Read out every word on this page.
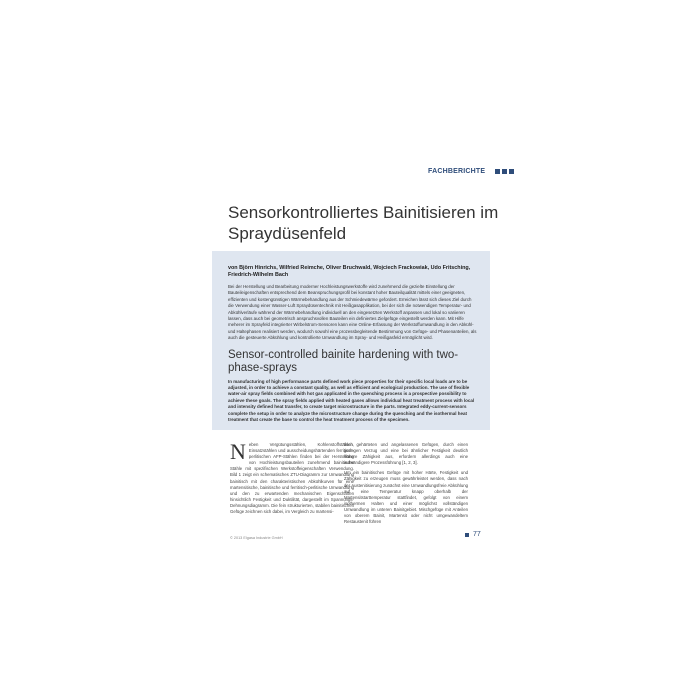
FACHBERICHTE
Sensorkontrolliertes Bainitisieren im Spraydüsenfeld

von Björn Hinrichs, Wilfried Reimche, Oliver Bruchwald, Wojciech Frackowiak, Udo Fritsching, Friedrich-Wilhelm Bach

Bei der Herstellung und Bearbeitung moderner Hochleistungswerkstoffe wird zunehmend die gezielte Einstellung der Bauteileigenschaften entsprechend dem Beanspruchungsprofil bei konstant hoher Bauteilqualität mittels einer geeigneten, effizienten und kostengünstigen Wärmebehandlung aus der Schmiedewärme gefordert. Erreichen lässt sich dieses Ziel durch die Verwendung einer Wasser-Luft Spraydüsentechnik mit Heißgasapplikation, bei der sich die notwendigen Temperatur- und Abkühlverläufe während der Wärmebehandlung individuell an den eingesetzten Werkstoff anpassen und lokal so variieren lassen, dass auch bei geometrisch anspruchsvollen Bauteilen ein definiertes Zielgefüge eingestellt werden kann. Mit Hilfe meherer im Sprayfeld integrierter Wirbelstrom-Sensoren kann eine Online-Erfassung der Werkstoffumwandlung in den Abkühl- und Haltephasen realisiert werden, wodurch sowohl eine prozessbegleitende Bestimmung von Gefüge- und Phasenanteilen, als auch die gesteuerte Abkühlung und kontrollierte Umwandlung im Spray- und Heißgasfeld ermöglicht wird.

Sensor-controlled bainite hardening with two-phase-sprays

In manufacturing of high performance parts defined work piece properties for their specific local loads are to be adjusted, in order to achieve a constant quality, as well as efficient and ecological production. The use of flexible water-air spray fields combined with hot gas applicated in the quenching process is a prospective possibility to achieve these goals. The spray fields applied with heated gases allows individual heat treatment process with local and intensity defined heat transfer, to create target microstructure in the parts. Integrated eddy-current-sensors complete the setup in order to analyze the microstructure change during the quenching and the isothermal heat treatment that create the base to control the heat treatment process of the specimen.

Neben Vergütungsstählen, Kohlenstoffstählen, Einsatzstählen und ausscheidungshärtenden ferritisch-perlitischen AFP-Stählen finden bei der Herstellung von Hochleistungsbauteilen zunehmend bainitische Stähle mit spezifischen Werkstoffeigenschaften Verwendung. Bild 1 zeigt ein schematisches ZTU-Diagramm zur Umwandlung bainitisch mit den charakteristischen Abkühlkurven für eine martensitische, bainitische und ferritisch-perlitische Umwandlung und den zu erwartenden mechanischen Eigenschaften hinsichtlich Festigkeit und Duktilität, dargestellt im Spannungs-Dehnungsdiagramm. Die fein strukturierten, stabilen bainitischen Gefüge zeichnen sich dabei, im Vergleich zu martensi-

tisch gehärteten und angelassenen Gefügen, durch einen geringen Verzug und eine bei ähnlicher Festigkeit deutlich höhere Zähigkeit aus, erfordern allerdings auch eine aufwändigere Prozessführung [1, 2, 3].

Um ein bainitisches Gefüge mit hoher Härte, Festigkeit und Zähigkeit zu erzeugen muss gewährleistet werden, dass nach der Austenitisierung zunächst eine Umwandlungsfreie Abkühlung auf eine Temperatur knapp oberhalb der Martensitstarttemperatur stattfindet, gefolgt von einem isothermen Halten und einer möglichst vollständigen Umwandlung im unteren Bainitgebiet. Mischgefüge mit Anteilen von oberem Bainit, Martensit oder nicht umgewandeltem Restaustenit führen

© 2013 Elgasa Industrie GmbH	77
